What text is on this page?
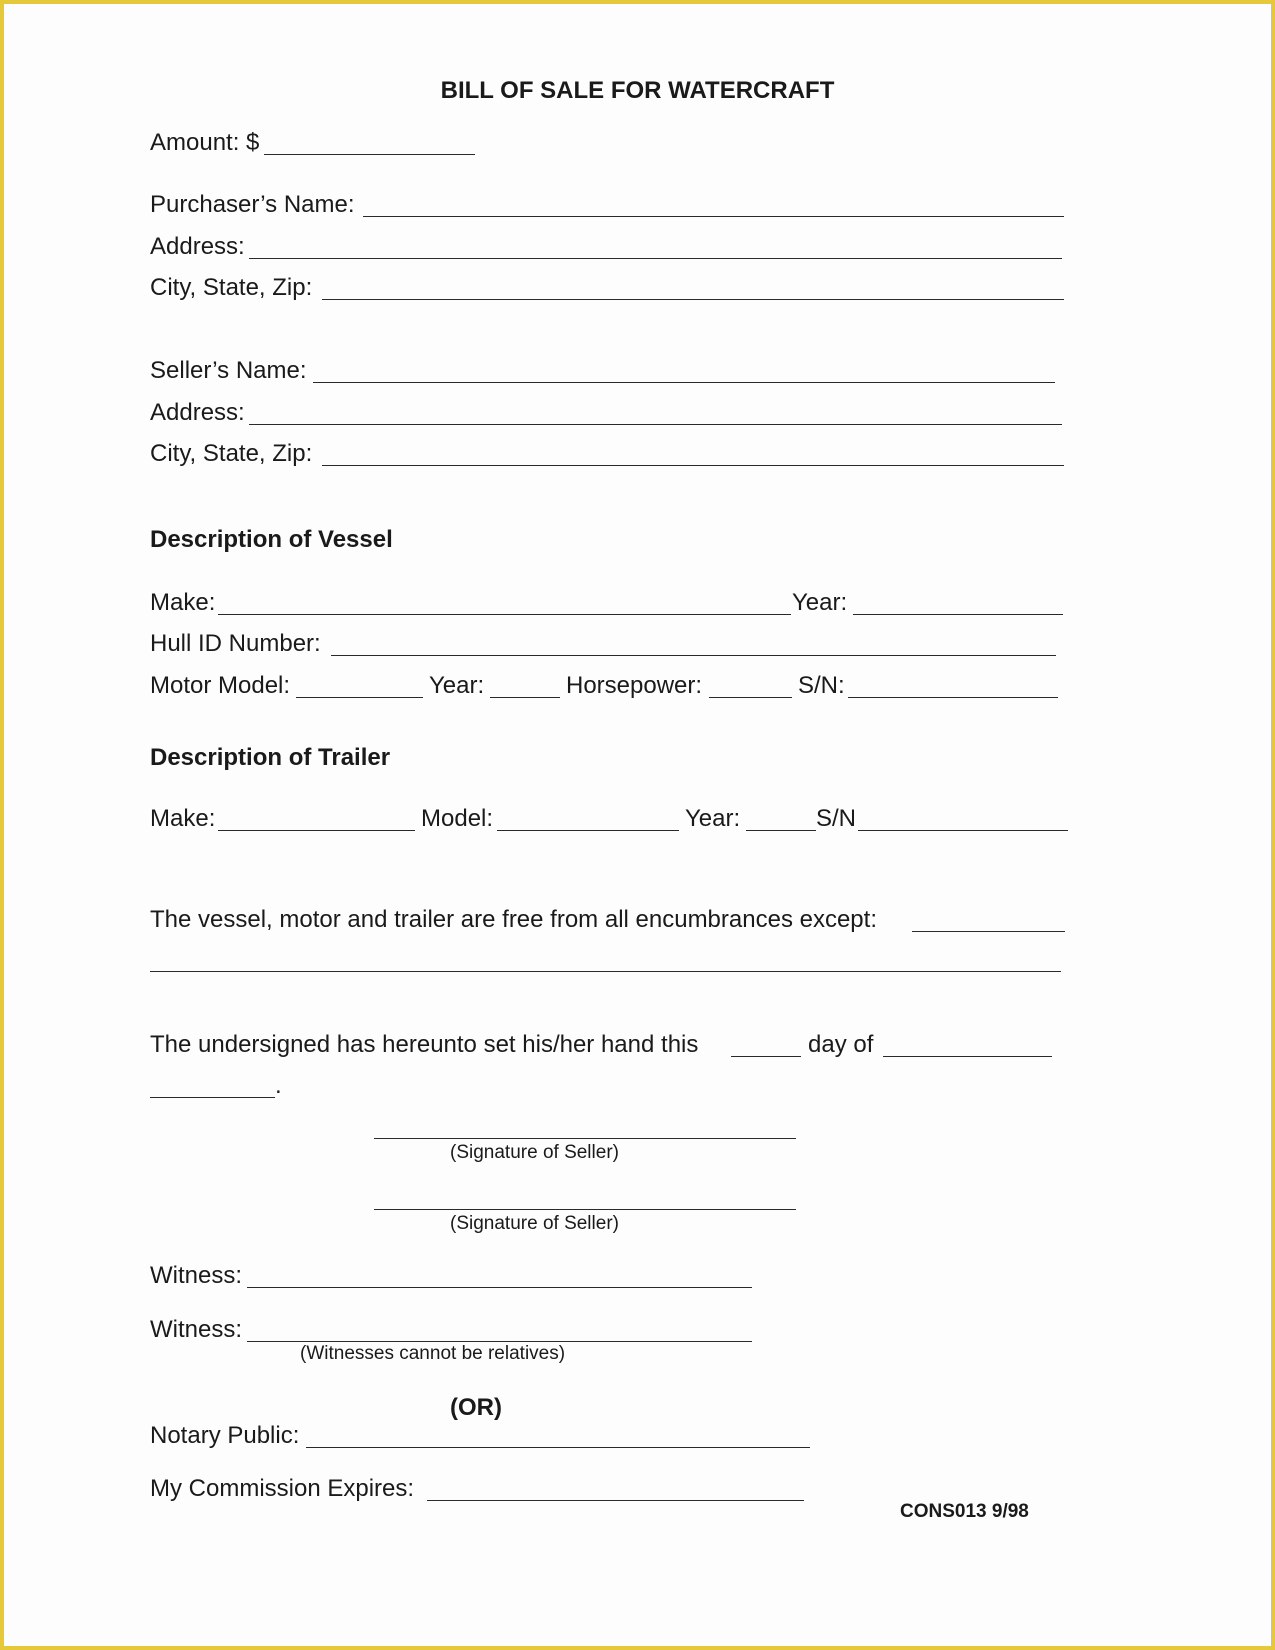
BILL OF SALE FOR WATERCRAFT
Amount: $
Purchaser’s Name:
Address:
City, State, Zip:
Seller’s Name:
Address:
City, State, Zip:
Description of Vessel
Make:	Year:
Hull ID Number:
Motor Model:	Year:	Horsepower:	S/N:
Description of Trailer
Make:	Model:	Year:	S/N
The vessel, motor and trailer are free from all encumbrances except:
The undersigned has hereunto set his/her hand this	day of
.
(Signature of Seller)
(Signature of Seller)
Witness:
Witness:
(Witnesses cannot be relatives)
(OR)
Notary Public:
My Commission Expires:
CONS013 9/98
